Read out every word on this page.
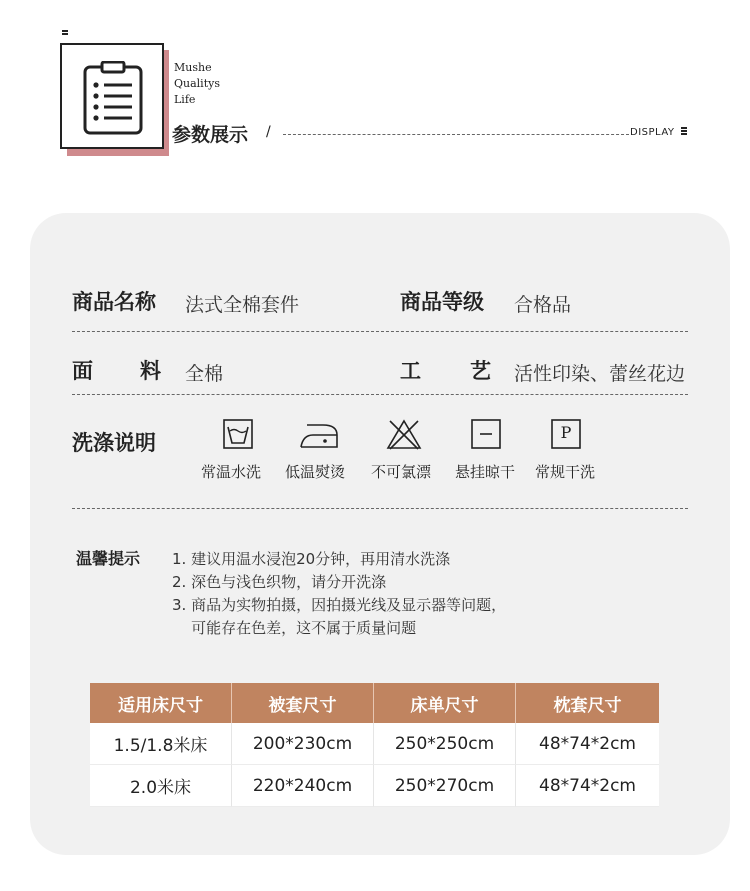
Mushe
Qualitys
Life
参数展示 /	DISPLAY
商品名称 法式全棉套件	商品等级 合格品
面 料 全棉	工 艺 活性印染、蕾丝花边
洗涤说明	P
常温水洗 低温熨烫 不可氯漂 悬挂晾干 常规干洗
温馨提示 1. 建议用温水浸泡20分钟，再用清水洗涤
2. 深色与浅色织物，请分开洗涤
3. 商品为实物拍摄，因拍摄光线及显示器等问题，
可能存在色差，这不属于质量问题
适用床尺寸	被套尺寸	床单尺寸	枕套尺寸
1.5/1.8米床	200*230cm	250*250cm	48*74*2cm
2.0米床	220*240cm	250*270cm	48*74*2cm
